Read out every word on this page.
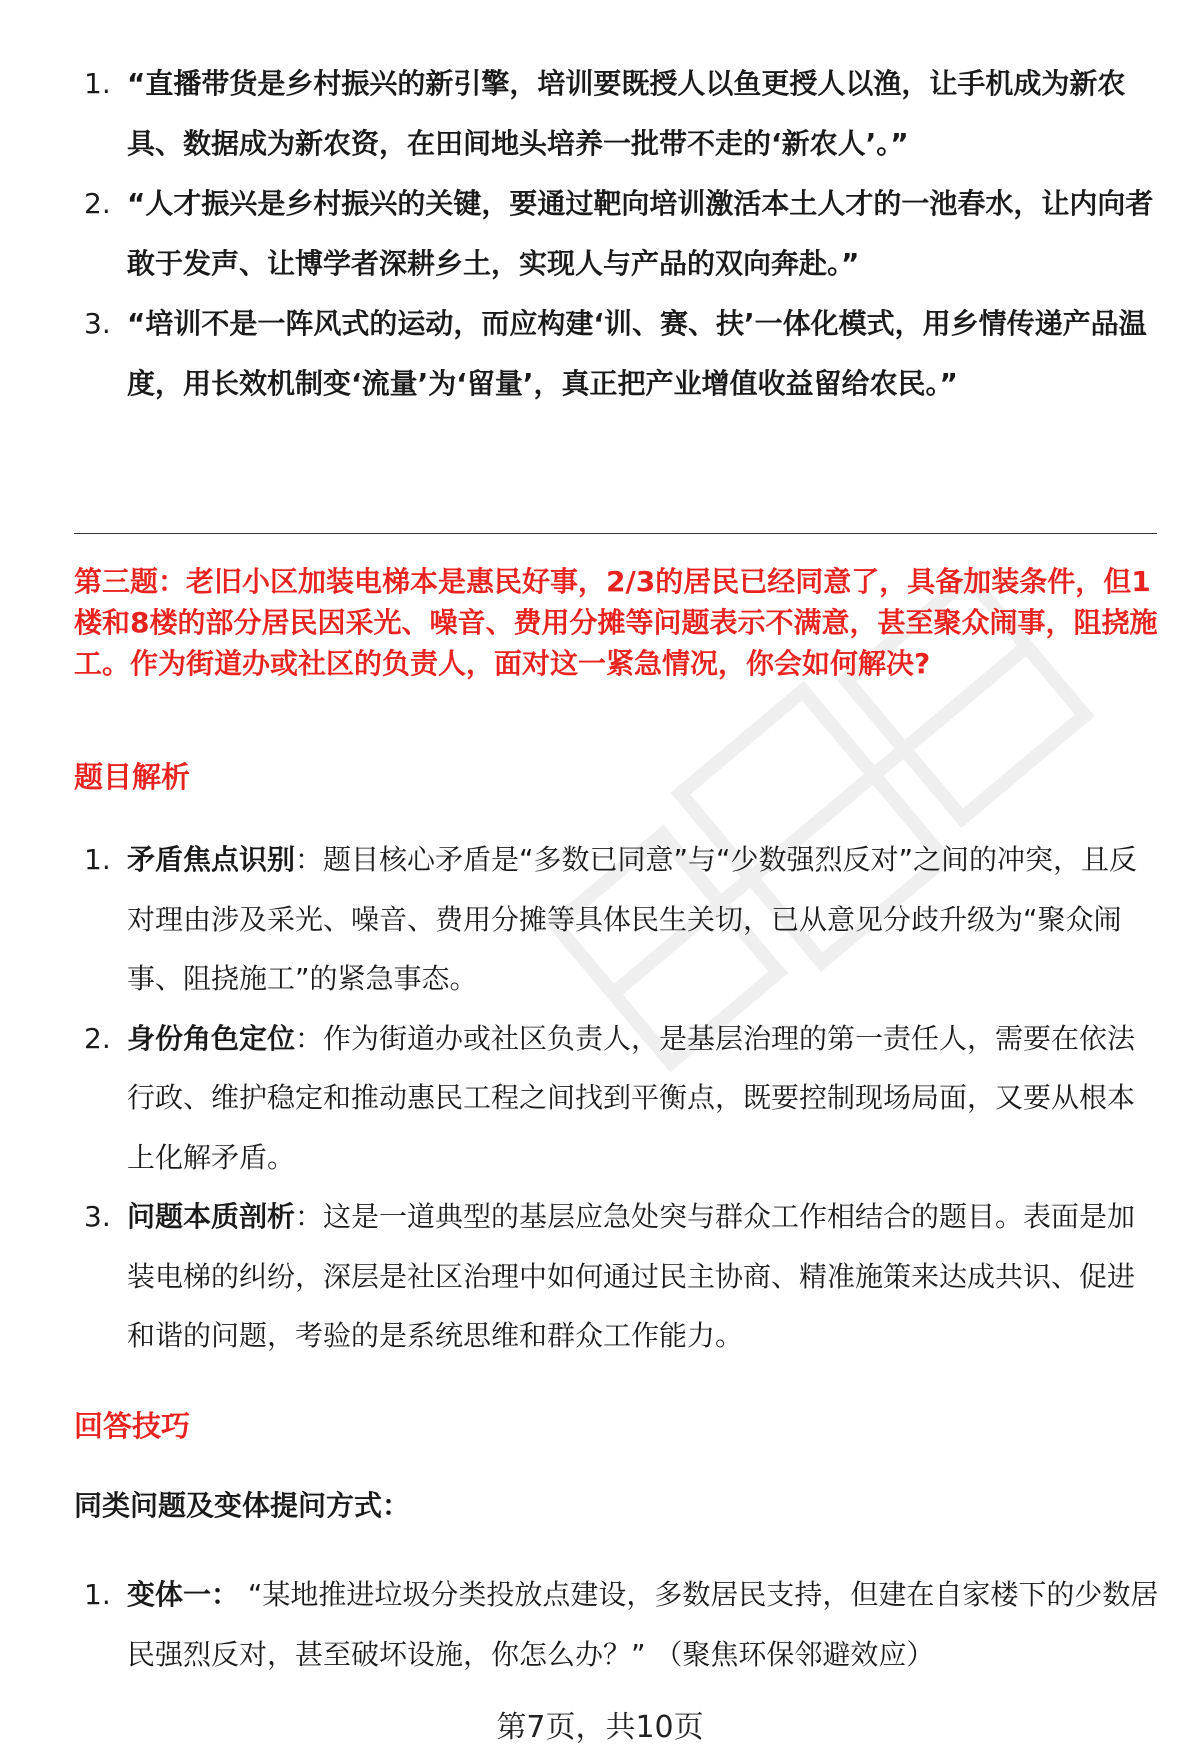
1. “直播带货是乡村振兴的新引擎，培训要既授人以鱼更授人以渔，让手机成为新农具、数据成为新农资，在田间地头培养一批带不走的‘新农人’。”
2. “人才振兴是乡村振兴的关键，要通过靶向培训激活本土人才的一池春水，让内向者敢于发声、让博学者深耕乡土，实现人与产品的双向奔赴。”
3. “培训不是一阵风式的运动，而应构建‘训、赛、扶’一体化模式，用乡情传递产品温度，用长效机制变‘流量’为‘留量’，真正把产业增值收益留给农民。”
第三题：老旧小区加装电梯本是惠民好事，2/3的居民已经同意了，具备加装条件，但1楼和8楼的部分居民因采光、噪音、费用分摊等问题表示不满意，甚至聚众闹事，阻挠施工。作为街道办或社区的负责人，面对这一紧急情况，你会如何解决?
题目解析
1. 矛盾焦点识别：题目核心矛盾是“多数已同意”与“少数强烈反对”之间的冲突，且反对理由涉及采光、噪音、费用分摊等具体民生关切，已从意见分歧升级为“聚众闹事、阻挠施工”的紧急事态。
2. 身份角色定位：作为街道办或社区负责人，是基层治理的第一责任人，需要在依法行政、维护稳定和推动惠民工程之间找到平衡点，既要控制现场局面，又要从根本上化解矛盾。
3. 问题本质剖析：这是一道典型的基层应急处突与群众工作相结合的题目。表面是加装电梯的纠纷，深层是社区治理中如何通过民主协商、精准施策来达成共识、促进和谐的问题，考验的是系统思维和群众工作能力。
回答技巧
同类问题及变体提问方式：
1. 变体一： “某地推进垃圾分类投放点建设，多数居民支持，但建在自家楼下的少数居民强烈反对，甚至破坏设施，你怎么办？” （聚焦环保邻避效应）
第7页，共10页
